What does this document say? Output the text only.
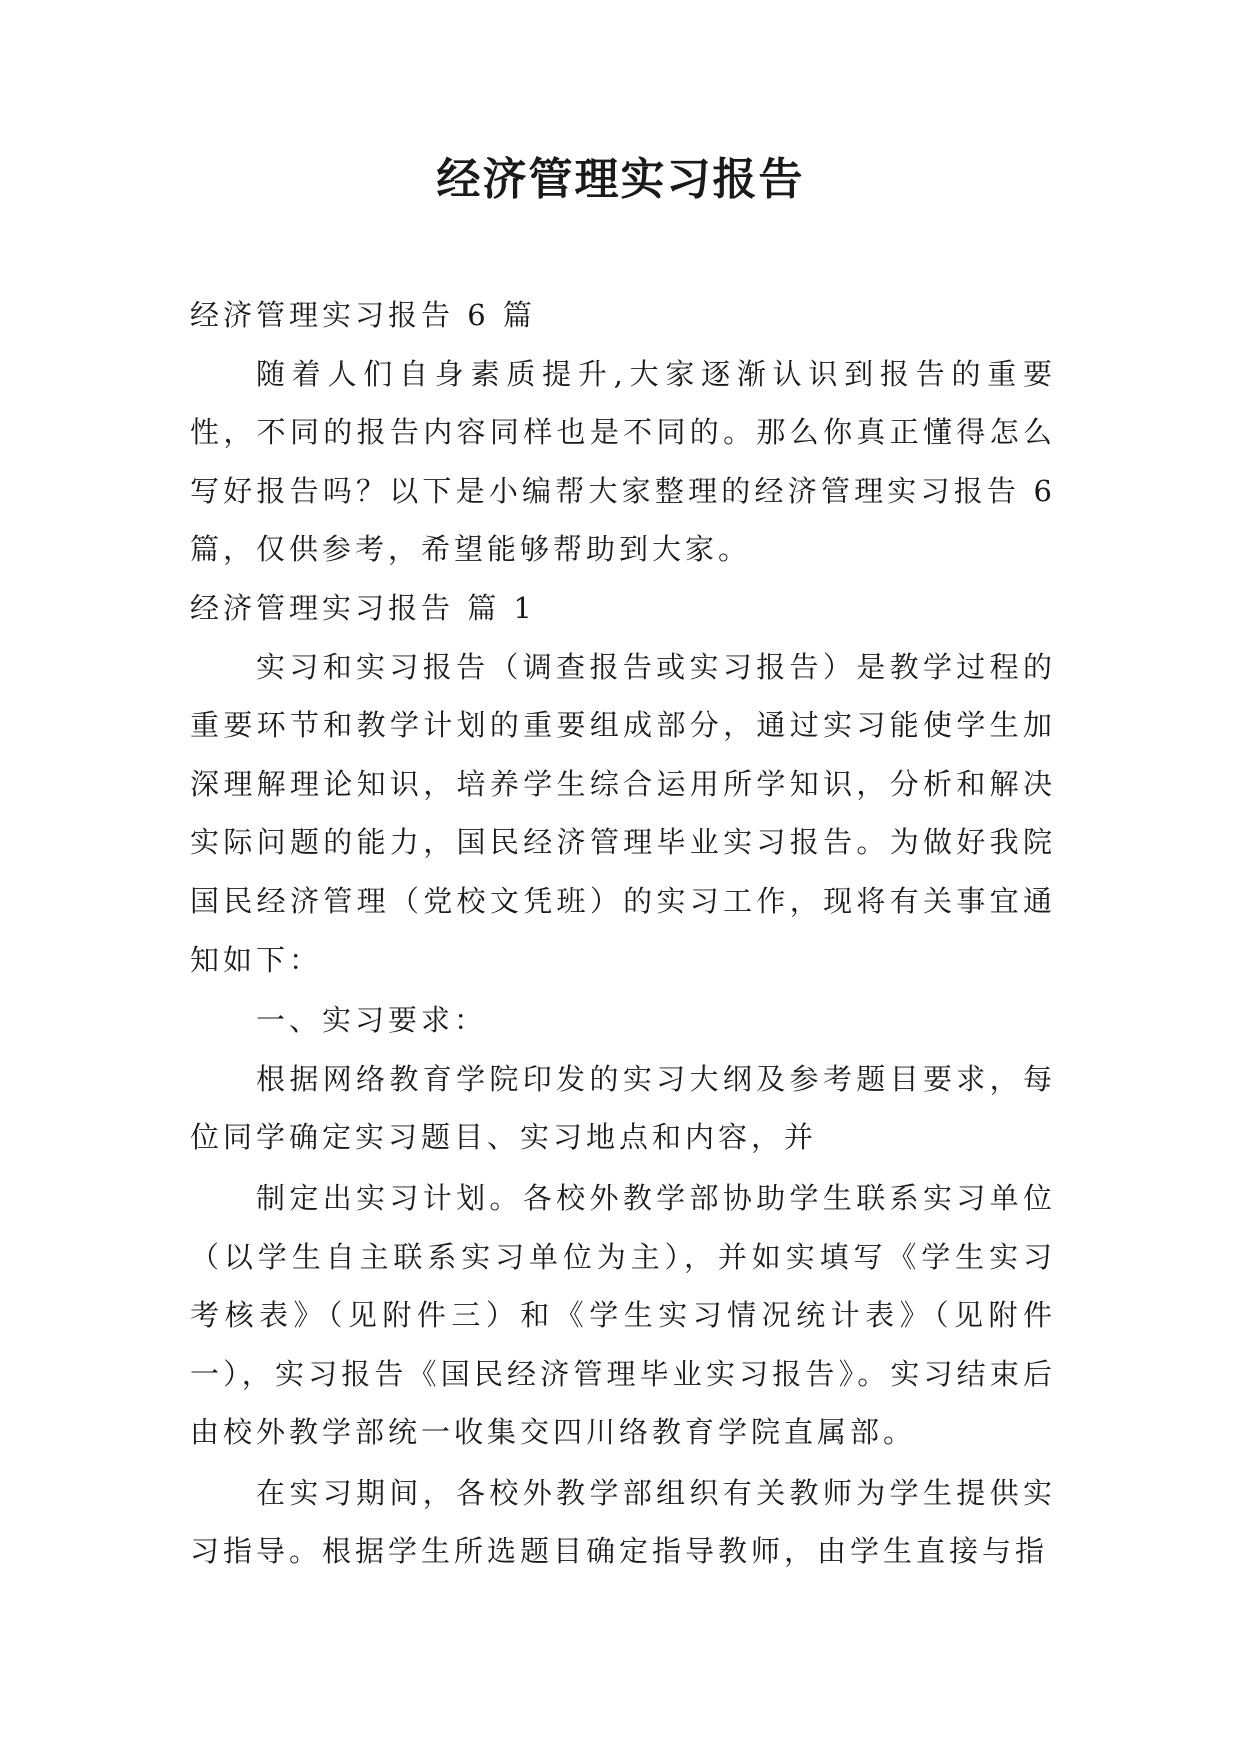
经济管理实习报告

经济管理实习报告 6 篇

随着人们自身素质提升,大家逐渐认识到报告的重要性，不同的报告内容同样也是不同的。那么你真正懂得怎么写好报告吗？以下是小编帮大家整理的经济管理实习报告 6 篇，仅供参考，希望能够帮助到大家。

经济管理实习报告 篇 1

实习和实习报告（调查报告或实习报告）是教学过程的重要环节和教学计划的重要组成部分，通过实习能使学生加深理解理论知识，培养学生综合运用所学知识，分析和解决实际问题的能力，国民经济管理毕业实习报告。为做好我院国民经济管理（党校文凭班）的实习工作，现将有关事宜通知如下：

一、实习要求：

根据网络教育学院印发的实习大纲及参考题目要求，每位同学确定实习题目、实习地点和内容，并

制定出实习计划。各校外教学部协助学生联系实习单位（以学生自主联系实习单位为主），并如实填写《学生实习考核表》（见附件三）和《学生实习情况统计表》（见附件一），实习报告《国民经济管理毕业实习报告》。实习结束后由校外教学部统一收集交四川络教育学院直属部。

在实习期间，各校外教学部组织有关教师为学生提供实习指导。根据学生所选题目确定指导教师，由学生直接与指
